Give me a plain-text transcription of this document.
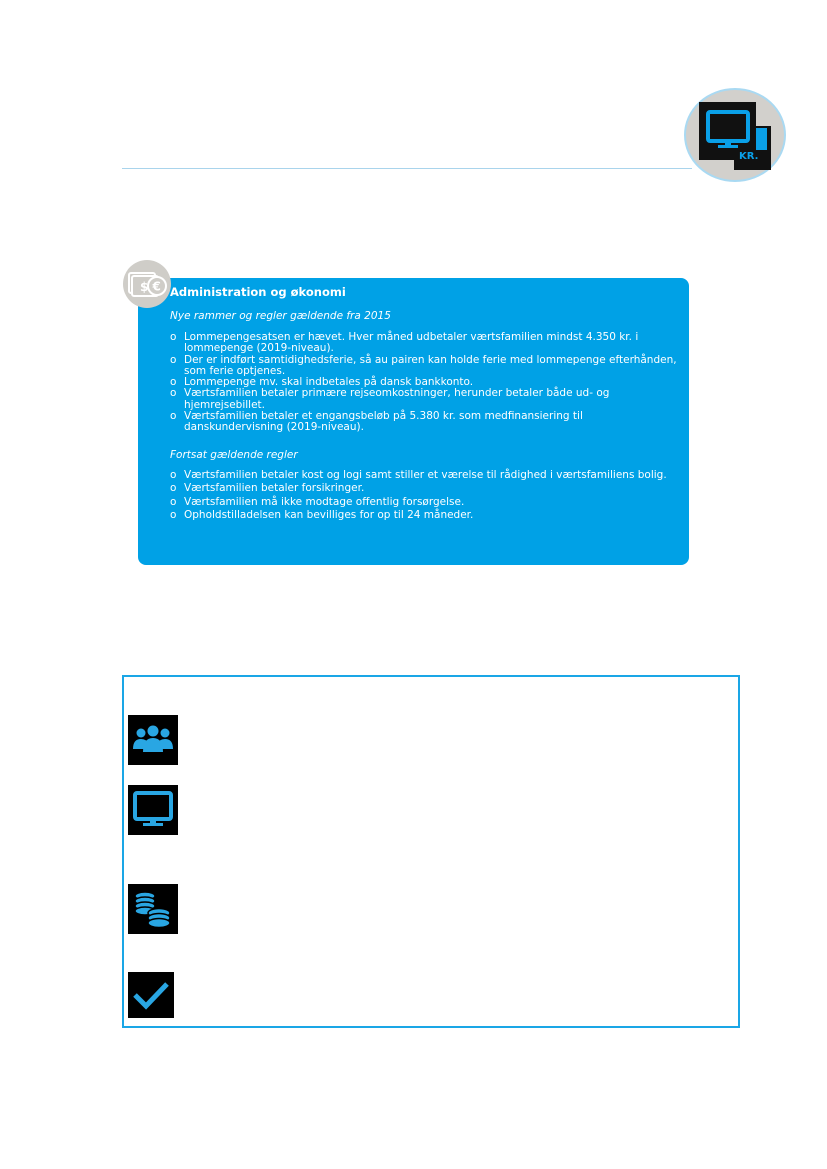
KR.
$ € Administration og økonomi
Nye rammer og regler gældende fra 2015
o Lommepengesatsen er hævet. Hver måned udbetaler værtsfamilien mindst 4.350 kr. i lommepenge (2019-niveau).
o Der er indført samtidighedsferie, så au pairen kan holde ferie med lommepenge efterhånden, som ferie optjenes.
o Lommepenge mv. skal indbetales på dansk bankkonto.
o Værtsfamilien betaler primære rejseomkostninger, herunder betaler både ud- og hjemrejsebillet.
o Værtsfamilien betaler et engangsbeløb på 5.380 kr. som medfinansiering til danskundervisning (2019-niveau).
Fortsat gældende regler
o Værtsfamilien betaler kost og logi samt stiller et værelse til rådighed i værtsfamiliens bolig.
o Værtsfamilien betaler forsikringer.
o Værtsfamilien må ikke modtage offentlig forsørgelse.
o Opholdstilladelsen kan bevilliges for op til 24 måneder.
